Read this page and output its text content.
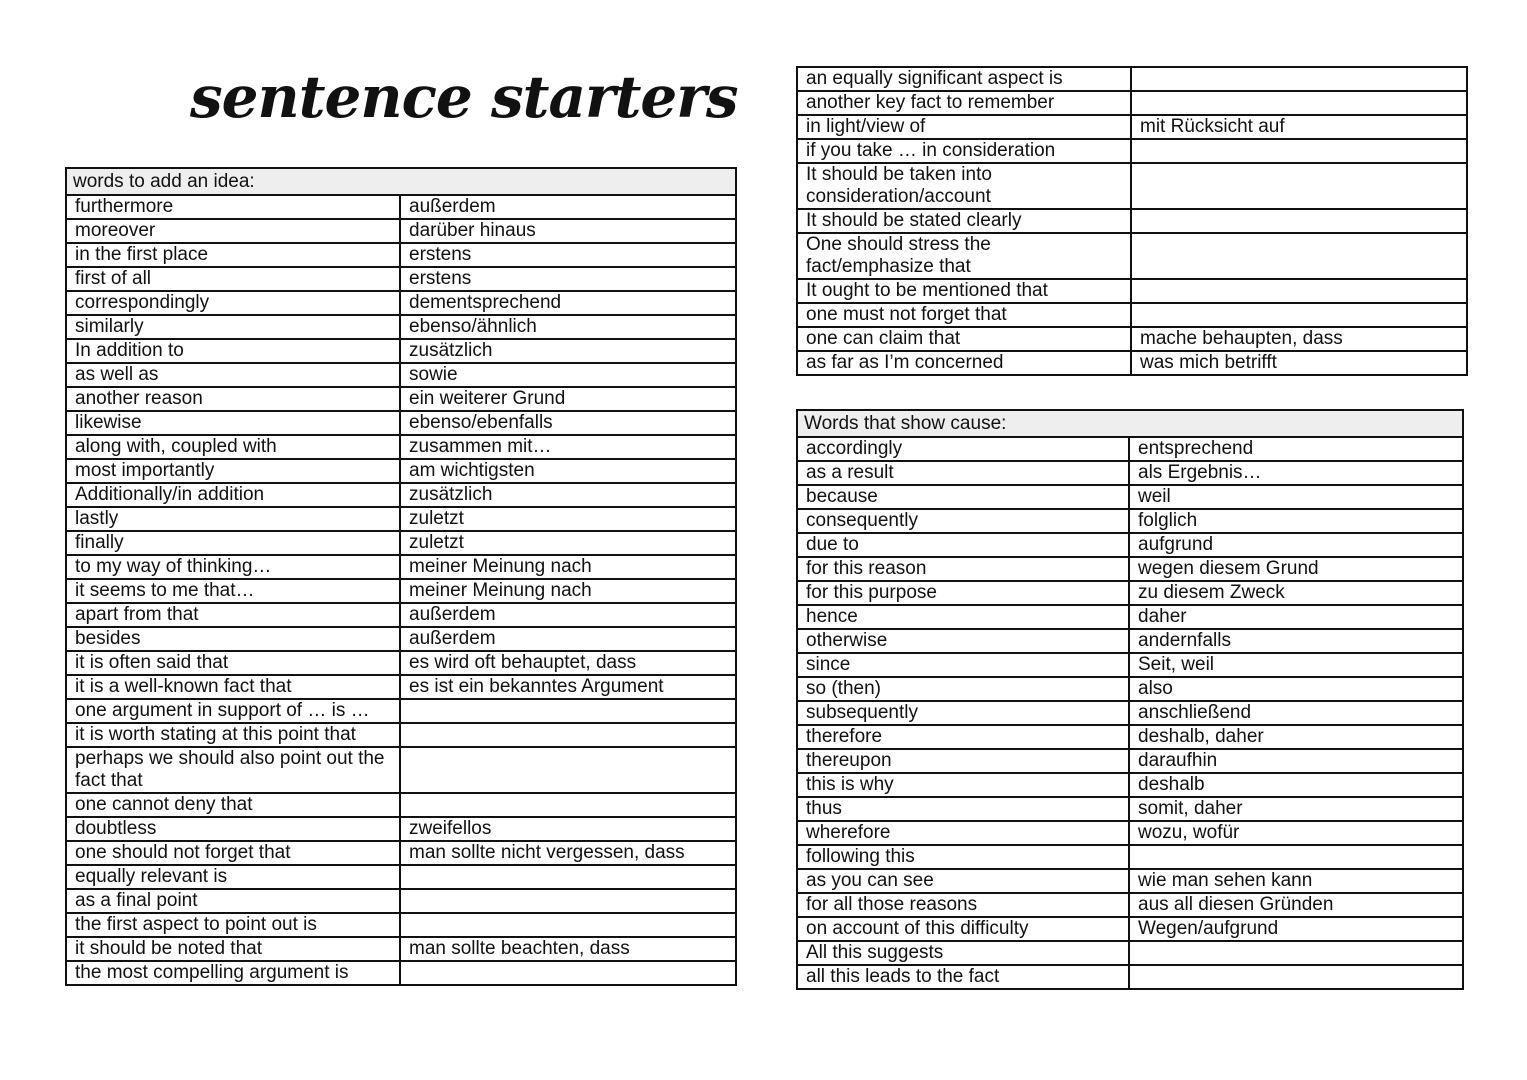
sentence starters
words to add an idea:	
furthermore	außerdem
moreover	darüber hinaus
in the first place	erstens
first of all	erstens
correspondingly	dementsprechend
similarly	ebenso/ähnlich
In addition to	zusätzlich
as well as	sowie
another reason	ein weiterer Grund
likewise	ebenso/ebenfalls
along with, coupled with	zusammen mit…
most importantly	am wichtigsten
Additionally/in addition	zusätzlich
lastly	zuletzt
finally	zuletzt
to my way of thinking…	meiner Meinung nach
it seems to me that…	meiner Meinung nach
apart from that	außerdem
besides	außerdem
it is often said that	es wird oft behauptet, dass
it is a well-known fact that	es ist ein bekanntes Argument
one argument in support of … is …	
it is worth stating at this point that	
perhaps we should also point out the fact that	
one cannot deny that	
doubtless	zweifellos
one should not forget that	man sollte nicht vergessen, dass
equally relevant is	
as a final point	
the first aspect to point out is	
it should be noted that	man sollte beachten, dass
the most compelling argument is	
an equally significant aspect is	
another key fact to remember	
in light/view of	mit Rücksicht auf
if you take … in consideration	
It should be taken into consideration/account	
It should be stated clearly	
One should stress the fact/emphasize that	
It ought to be mentioned that	
one must not forget that	
one can claim that	mache behaupten, dass
as far as I’m concerned	was mich betrifft
Words that show cause:	
accordingly	entsprechend
as a result	als Ergebnis…
because	weil
consequently	folglich
due to	aufgrund
for this reason	wegen diesem Grund
for this purpose	zu diesem Zweck
hence	daher
otherwise	andernfalls
since	Seit, weil
so (then)	also
subsequently	anschließend
therefore	deshalb, daher
thereupon	daraufhin
this is why	deshalb
thus	somit, daher
wherefore	wozu, wofür
following this	
as you can see	wie man sehen kann
for all those reasons	aus all diesen Gründen
on account of this difficulty	Wegen/aufgrund
All this suggests	
all this leads to the fact	
